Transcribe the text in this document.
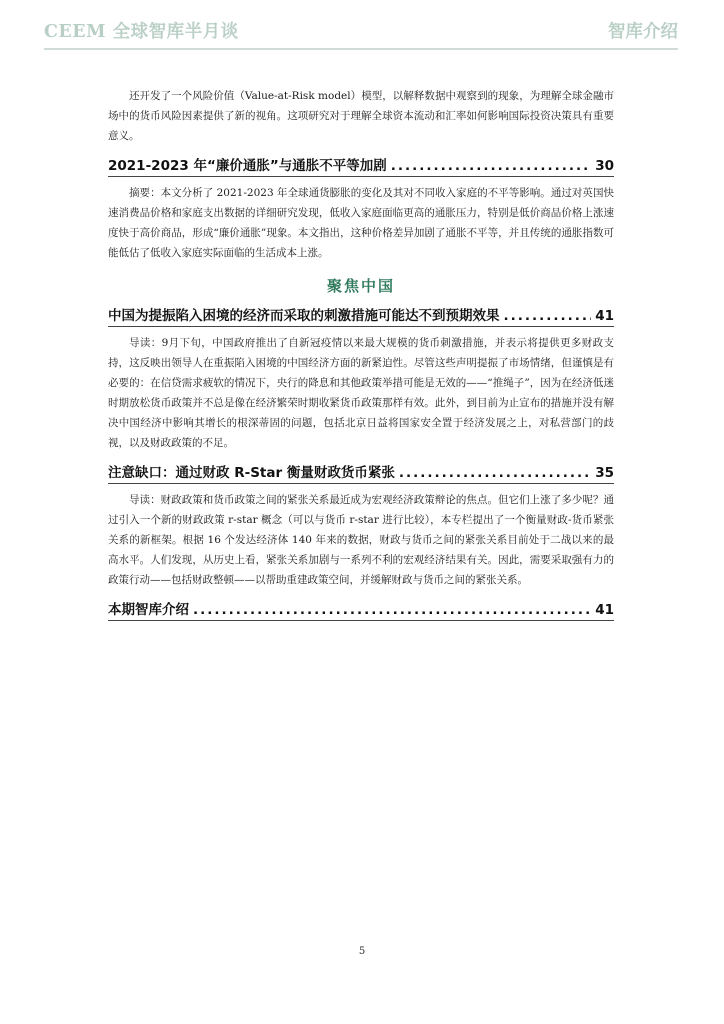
CEEM 全球智库半月谈	智库介绍

还开发了一个风险价值（Value-at-Risk model）模型，以解释数据中观察到的现象，为理解全球金融市场中的货币风险因素提供了新的视角。这项研究对于理解全球资本流动和汇率如何影响国际投资决策具有重要意义。

2021-2023 年“廉价通胀”与通胀不平等加剧 .....	30

摘要：本文分析了 2021-2023 年全球通货膨胀的变化及其对不同收入家庭的不平等影响。通过对英国快速消费品价格和家庭支出数据的详细研究发现，低收入家庭面临更高的通胀压力，特别是低价商品价格上涨速度快于高价商品，形成“廉价通胀”现象。本文指出，这种价格差异加剧了通胀不平等，并且传统的通胀指数可能低估了低收入家庭实际面临的生活成本上涨。

聚焦中国
中国为提振陷入困境的经济而采取的刺激措施可能达不到预期效果 .....	41

导读：9月下旬，中国政府推出了自新冠疫情以来最大规模的货币刺激措施，并表示将提供更多财政支持，这反映出领导人在重振陷入困境的中国经济方面的新紧迫性。尽管这些声明提振了市场情绪，但谨慎是有必要的：在信贷需求疲软的情况下，央行的降息和其他政策举措可能是无效的——“推绳子”，因为在经济低迷时期放松货币政策并不总是像在经济繁荣时期收紧货币政策那样有效。此外，到目前为止宣布的措施并没有解决中国经济中影响其增长的根深蒂固的问题，包括北京日益将国家安全置于经济发展之上，对私营部门的歧视，以及财政政策的不足。

注意缺口：通过财政 R-Star 衡量财政货币紧张 .....	35

导读：财政政策和货币政策之间的紧张关系最近成为宏观经济政策辩论的焦点。但它们上涨了多少呢？通过引入一个新的财政政策 r-star 概念（可以与货币 r-star 进行比较），本专栏提出了一个衡量财政-货币紧张关系的新框架。根据 16 个发达经济体 140 年来的数据，财政与货币之间的紧张关系目前处于二战以来的最高水平。人们发现，从历史上看，紧张关系加剧与一系列不利的宏观经济结果有关。因此，需要采取强有力的政策行动——包括财政整顿——以帮助重建政策空间，并缓解财政与货币之间的紧张关系。

本期智库介绍 .....	41
5
